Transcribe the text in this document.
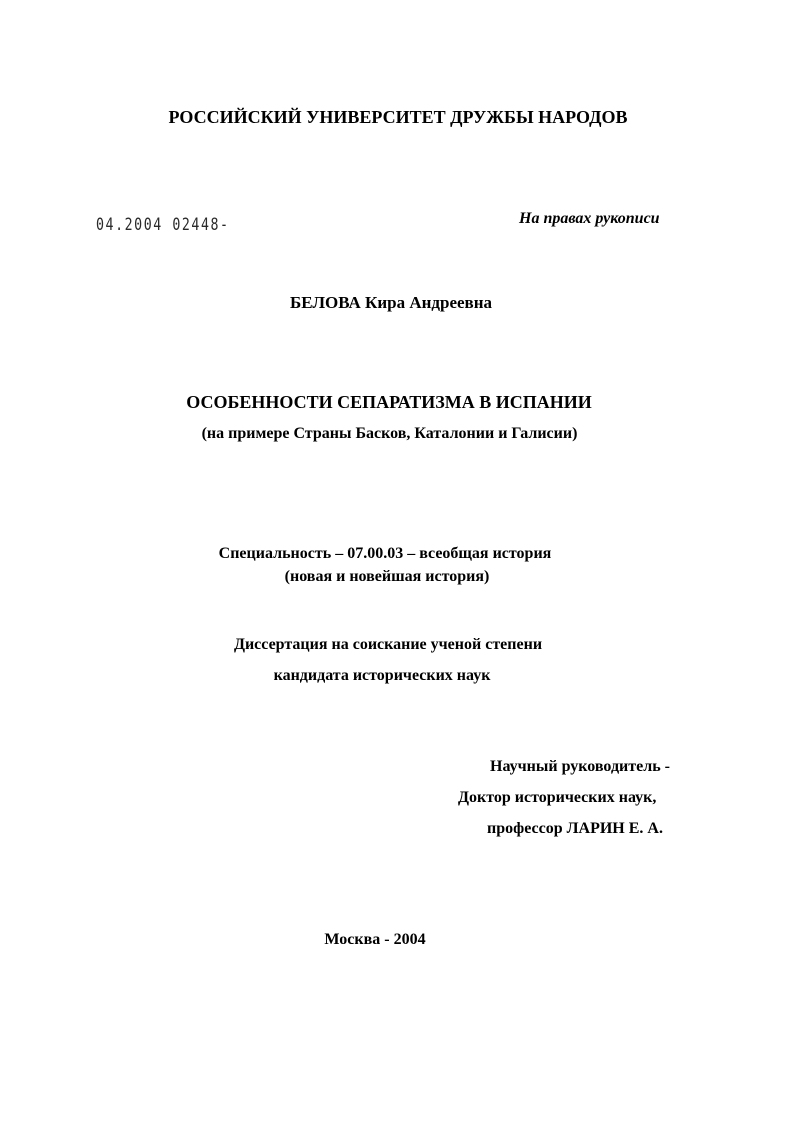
РОССИЙСКИЙ УНИВЕРСИТЕТ ДРУЖБЫ НАРОДОВ
04.2004 02448-	На правах рукописи
БЕЛОВА Кира Андреевна
ОСОБЕННОСТИ СЕПАРАТИЗМА В ИСПАНИИ
(на примере Страны Басков, Каталонии и Галисии)
Специальность – 07.00.03 – всеобщая история
(новая и новейшая история)
Диссертация на соискание ученой степени
кандидата исторических наук
Научный руководитель -
Доктор исторических наук,
профессор ЛАРИН Е. А.
Москва - 2004
